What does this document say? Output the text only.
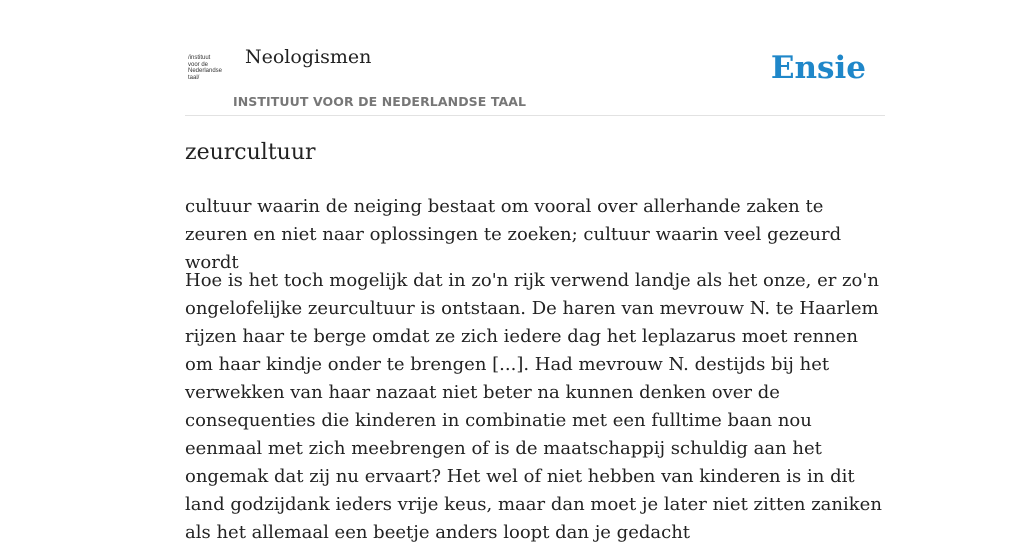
/instituut
voor de
Nederlandse
taal/
Neologismen
INSTITUUT VOOR DE NEDERLANDSE TAAL
Ensie
zeurcultuur

cultuur waarin de neiging bestaat om vooral over allerhande zaken te zeuren en niet naar oplossingen te zoeken; cultuur waarin veel gezeurd wordt

Hoe is het toch mogelijk dat in zo'n rijk verwend landje als het onze, er zo'n ongelofelijke zeurcultuur is ontstaan. De haren van mevrouw N. te Haarlem rijzen haar te berge omdat ze zich iedere dag het leplazarus moet rennen om haar kindje onder te brengen [...]. Had mevrouw N. destijds bij het verwekken van haar nazaat niet beter na kunnen denken over de consequenties die kinderen in combinatie met een fulltime baan nou eenmaal met zich meebrengen of is de maatschappij schuldig aan het ongemak dat zij nu ervaart? Het wel of niet hebben van kinderen is in dit land godzijdank ieders vrije keus, maar dan moet je later niet zitten zaniken als het allemaal een beetje anders loopt dan je gedacht
